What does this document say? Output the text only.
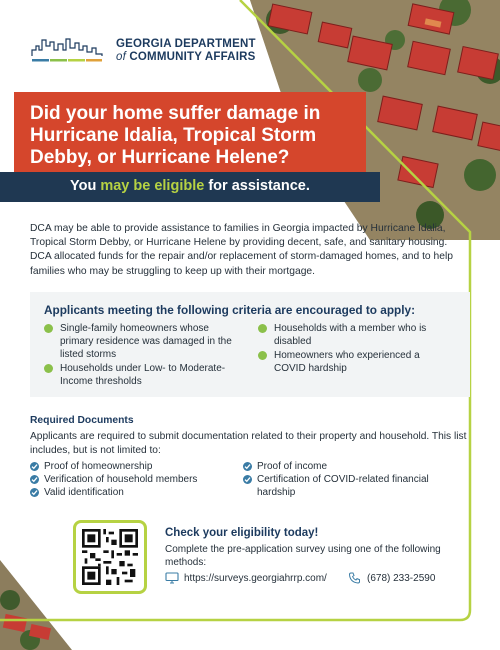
GEORGIA DEPARTMENT
of COMMUNITY AFFAIRS
Did your home suffer damage in Hurricane Idalia, Tropical Storm Debby, or Hurricane Helene?
You may be eligible for assistance.

DCA may be able to provide assistance to families in Georgia impacted by Hurricane Idalia, Tropical Storm Debby, or Hurricane Helene by providing decent, safe, and sanitary housing. DCA allocated funds for the repair and/or replacement of storm-damaged homes, and to help families who may be struggling to keep up with their mortgage.

Applicants meeting the following criteria are encouraged to apply:
Single-family homeowners whose primary residence was damaged in the listed storms
Households under Low- to Moderate-Income thresholds
Households with a member who is disabled
Homeowners who experienced a COVID hardship
Required Documents

Applicants are required to submit documentation related to their property and household. This list includes, but is not limited to:

Proof of homeownership
Verification of household members
Valid identification
Proof of income
Certification of COVID-related financial hardship
Check your eligibility today!

Complete the pre-application survey using one of the following methods:

https://surveys.georgiahrrp.com/	(678) 233-2590
